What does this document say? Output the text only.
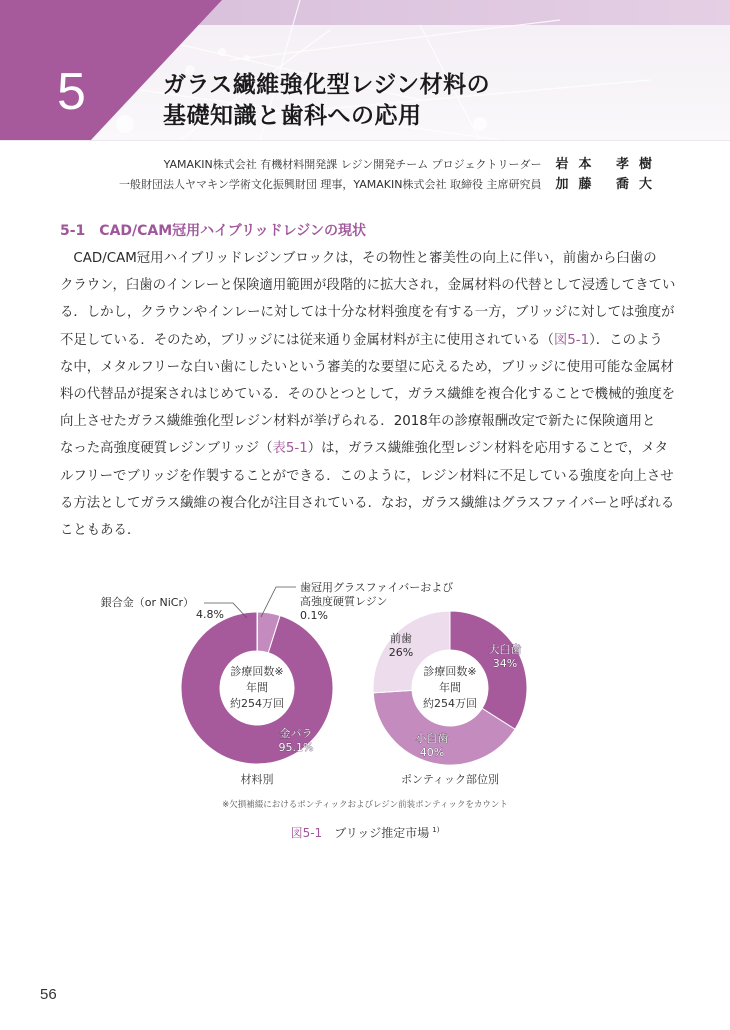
5	ガラス繊維強化型レジン材料の
基礎知識と歯科への応用
YAMAKIN株式会社 有機材料開発課 レジン開発チーム プロジェクトリーダー 岩本 孝樹
一般財団法人ヤマキン学術文化振興財団 理事，YAMAKIN株式会社 取締役 主席研究員 加藤 喬大
5-1 CAD/CAM冠用ハイブリッドレジンの現状
　CAD/CAM冠用ハイブリッドレジンブロックは，その物性と審美性の向上に伴い，前歯から臼歯の
クラウン，臼歯のインレーと保険適用範囲が段階的に拡大され，金属材料の代替として浸透してきてい
る．しかし，クラウンやインレーに対しては十分な材料強度を有する一方，ブリッジに対しては強度が
不足している．そのため，ブリッジには従来通り金属材料が主に使用されている（図5-1）．このよう
な中，メタルフリーな白い歯にしたいという審美的な要望に応えるため，ブリッジに使用可能な金属材
料の代替品が提案されはじめている．そのひとつとして，ガラス繊維を複合化することで機械的強度を
向上させたガラス繊維強化型レジン材料が挙げられる．2018年の診療報酬改定で新たに保険適用と
なった高強度硬質レジンブリッジ（表5-1）は，ガラス繊維強化型レジン材料を応用することで，メタ
ルフリーでブリッジを作製することができる．このように，レジン材料に不足している強度を向上させ
る方法としてガラス繊維の複合化が注目されている．なお，ガラス繊維はグラスファイバーと呼ばれる
こともある．
銀合金（or NiCr）
4.8%
歯冠用グラスファイバーおよび
高強度硬質レジン
0.1%
金パラ
95.1%
診療回数※
年間
約254万回
材料別
大臼歯
34%
小臼歯
40%
前歯
26%
診療回数※
年間
約254万回
ポンティック部位別
※欠損補綴におけるポンティックおよびレジン前装ポンティックをカウント
図5-1 ブリッジ推定市場 $^{1)}$
56
